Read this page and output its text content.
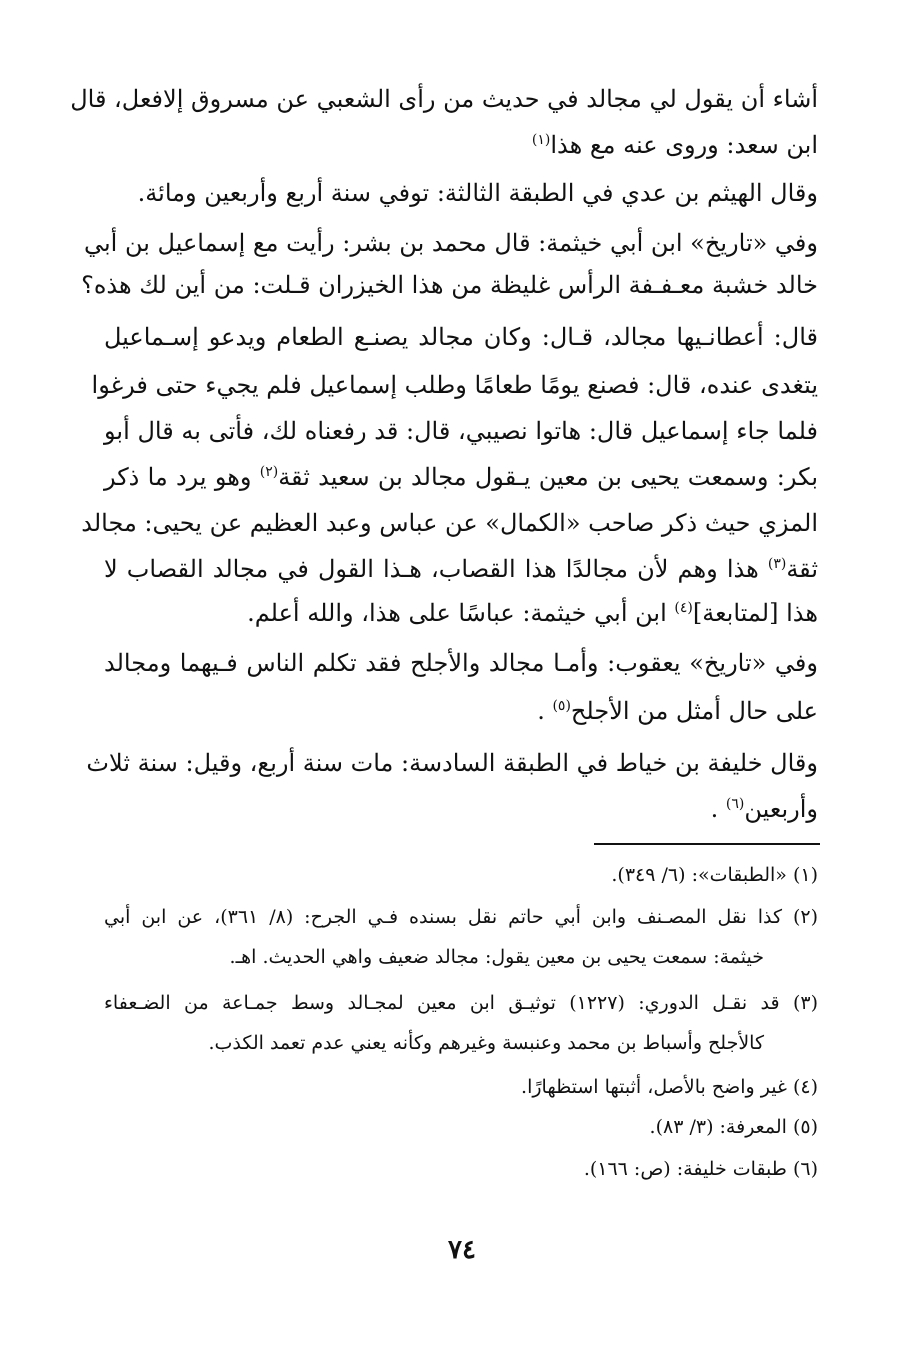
أشاء أن يقول لي مجالد في حديث من رأى الشعبي عن مسروق إلافعل، قال
ابن سعد: وروى عنه مع هذا$^{(١)}$
وقال الهيثم بن عدي في الطبقة الثالثة: توفي سنة أربع وأربعين ومائة.
وفي «تاريخ» ابن أبي خيثمة: قال محمد بن بشر: رأيت مع إسماعيل بن أبي
خالد خشبة معـفـفة الرأس غليظة من هذا الخيزران قـلت: من أين لك هذه؟
قال: أعطانـيها مجالد، قـال: وكان مجالد يصنـع الطعام ويدعو إسـماعيل
يتغدى عنده، قال: فصنع يومًا طعامًا وطلب إسماعيل فلم يجيء حتى فرغوا
فلما جاء إسماعيل قال: هاتوا نصيبي، قال: قد رفعناه لك، فأتى به قال أبو
بكر: وسمعت يحيى بن معين يـقول مجالد بن سعيد ثقة$^{(٢)}$ وهو يرد ما ذكر
المزي حيث ذكر صاحب «الكمال» عن عباس وعبد العظيم عن يحيى: مجالد
ثقة$^{(٣)}$ هذا وهم لأن مجالدًا هذا القصاب، هـذا القول في مجالد القصاب لا
هذا [لمتابعة]$^{(٤)}$ ابن أبي خيثمة: عباسًا على هذا، والله أعلم.
وفي «تاريخ» يعقوب: وأمـا مجالد والأجلح فقد تكلم الناس فـيهما ومجالد
على حال أمثل من الأجلح$^{(٥)}$ .
وقال خليفة بن خياط في الطبقة السادسة: مات سنة أربع، وقيل: سنة ثلاث
وأربعين$^{(٦)}$ .
(١) «الطبقات»: (٦/ ٣٤٩).
(٢) كذا نقل المصـنف وابن أبي حاتم نقل بسنده فـي الجرح: (٨/ ٣٦١)، عن ابن أبي
خيثمة: سمعت يحيى بن معين يقول: مجالد ضعيف واهي الحديث. اهـ.
(٣) قد نقـل الدوري: (١٢٢٧) توثيـق ابن معين لمجـالد وسط جمـاعة من الضـعفاء
كالأجلح وأسباط بن محمد وعنبسة وغيرهم وكأنه يعني عدم تعمد الكذب.
(٤) غير واضح بالأصل، أثبتها استظهارًا.
(٥) المعرفة: (٣/ ٨٣).
(٦) طبقات خليفة: (ص: ١٦٦).
٧٤
